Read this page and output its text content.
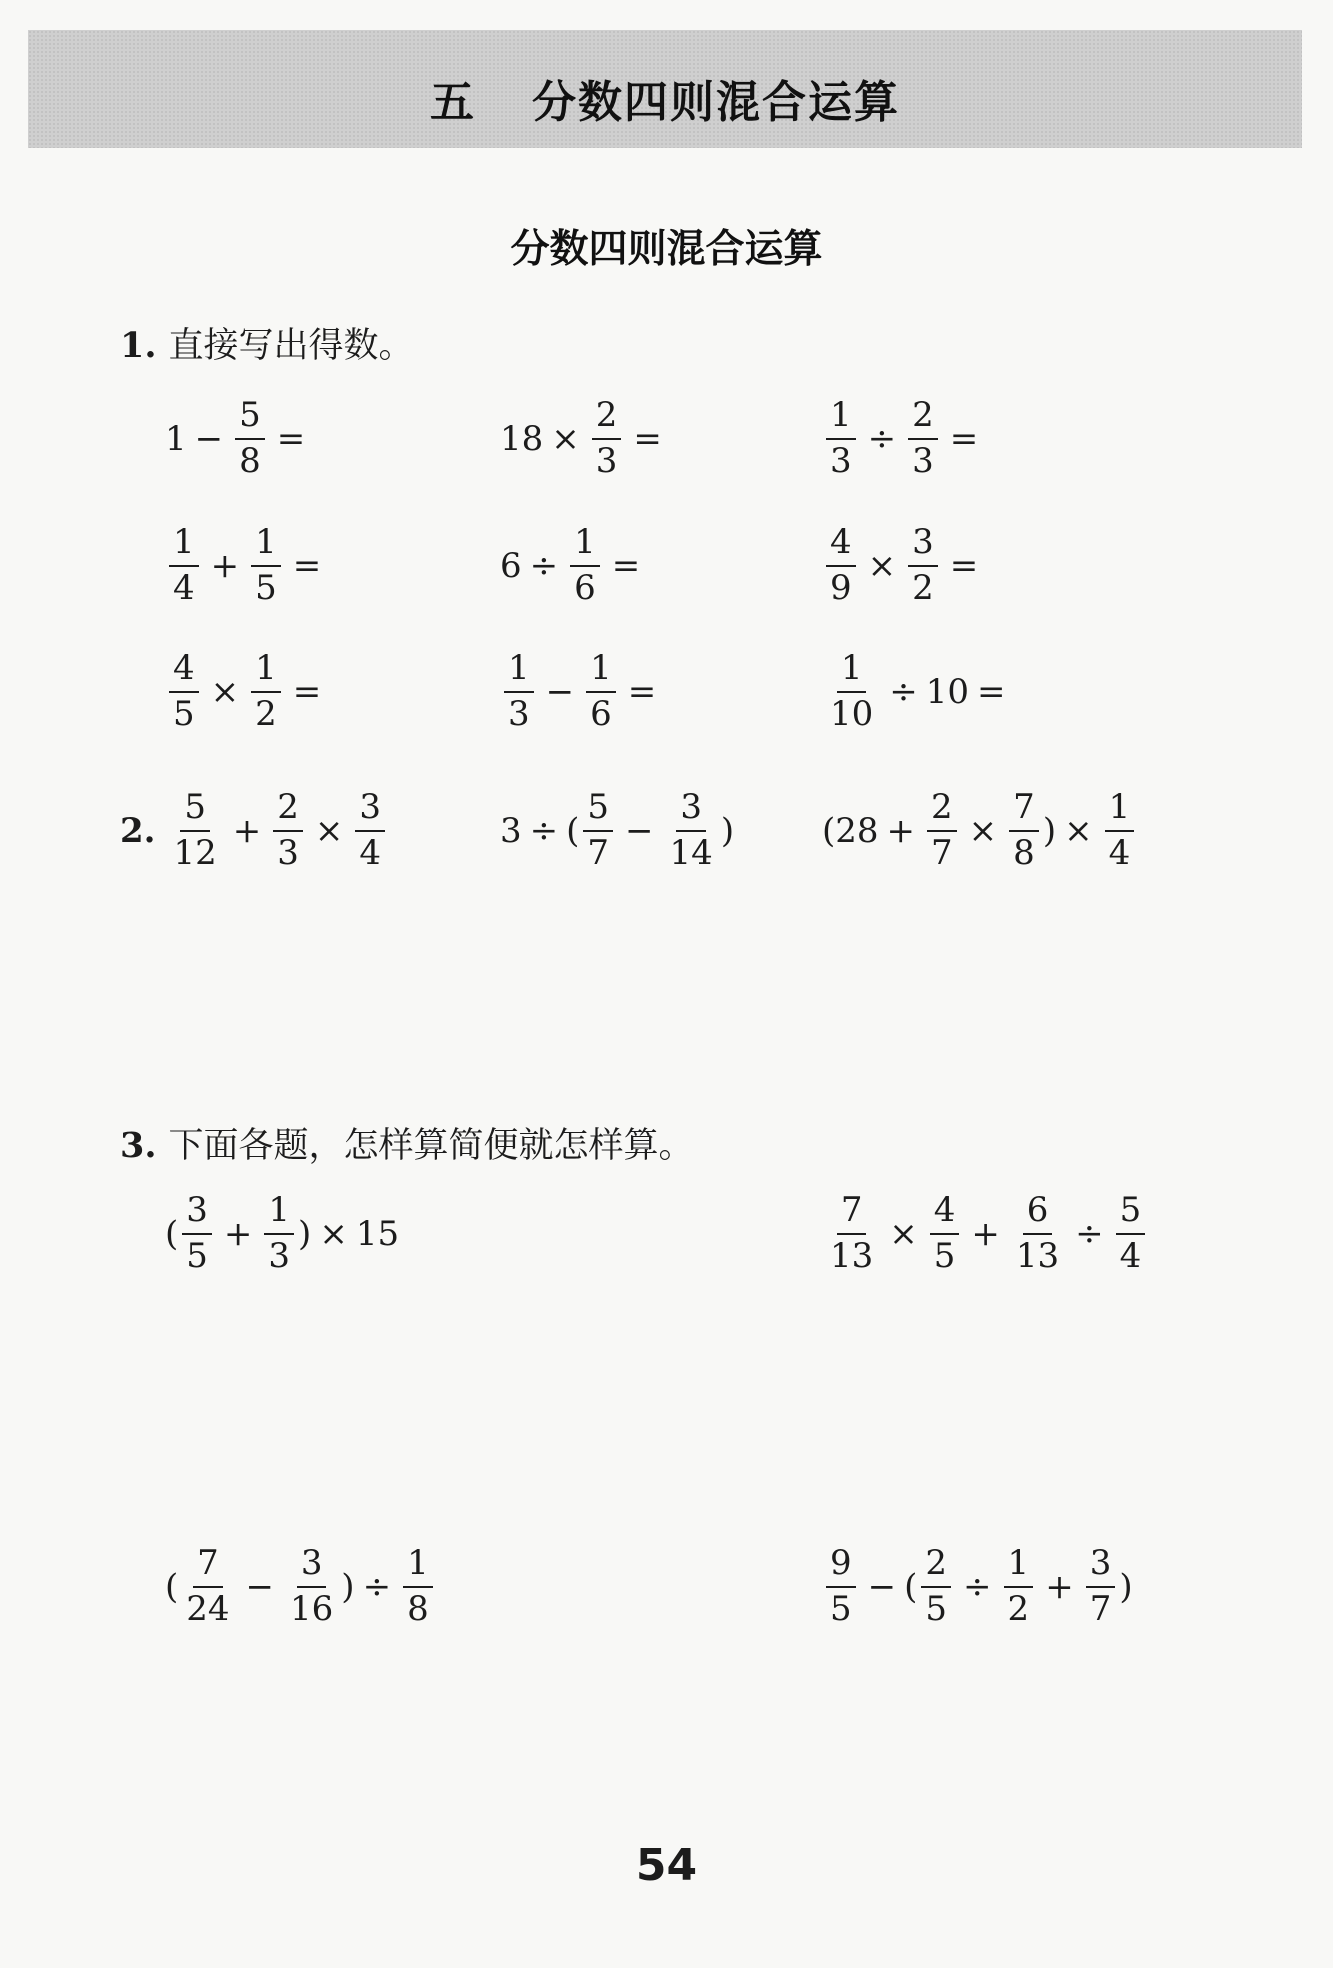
五 分数四则混合运算
分数四则混合运算
1. 直接写出得数。
$1 - \frac{5}{8}$ =	$18 \times \frac{2}{3}$ =	$\frac{1}{3} \div \frac{2}{3}$ =
$\frac{1}{4} + \frac{1}{5}$ =	$6 \div \frac{1}{6}$ =	$\frac{4}{9} \times \frac{3}{2}$ =
$\frac{4}{5} \times \frac{1}{2}$ =	$\frac{1}{3} - \frac{1}{6}$ =	$\frac{1}{10} \div 10$ =
2. $\frac{5}{12} + \frac{2}{3} \times \frac{3}{4}$	3 ÷ ( $\frac{5}{7} - \frac{3}{14}$ )	( $28 + \frac{2}{7} \times \frac{7}{8}$ ) × $\frac{1}{4}$
3. 下面各题，怎样算简便就怎样算。
( $\frac{3}{5} + \frac{1}{3}$ ) × 15	$\frac{7}{13} \times \frac{4}{5} + \frac{6}{13} \div \frac{5}{4}$
( $\frac{7}{24} - \frac{3}{16}$ ) ÷ $\frac{1}{8}$	$\frac{9}{5}$ − ( $\frac{2}{5} \div \frac{1}{2} + \frac{3}{7}$ )
54
